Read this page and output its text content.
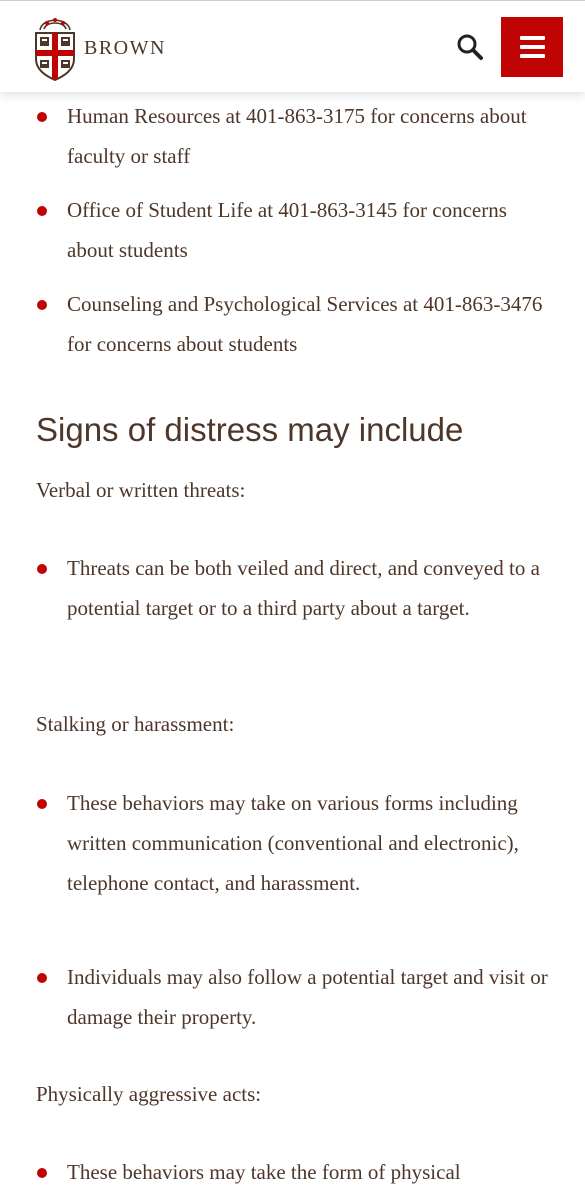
BROWN
Human Resources at 401-863-3175 for concerns about faculty or staff
Office of Student Life at 401-863-3145 for concerns about students
Counseling and Psychological Services at 401-863-3476 for concerns about students
Signs of distress may include

Verbal or written threats:

Threats can be both veiled and direct, and conveyed to a potential target or to a third party about a target.

Stalking or harassment:

These behaviors may take on various forms including written communication (conventional and electronic), telephone contact, and harassment.
Individuals may also follow a potential target and visit or damage their property.

Physically aggressive acts:

These behaviors may take the form of physical
